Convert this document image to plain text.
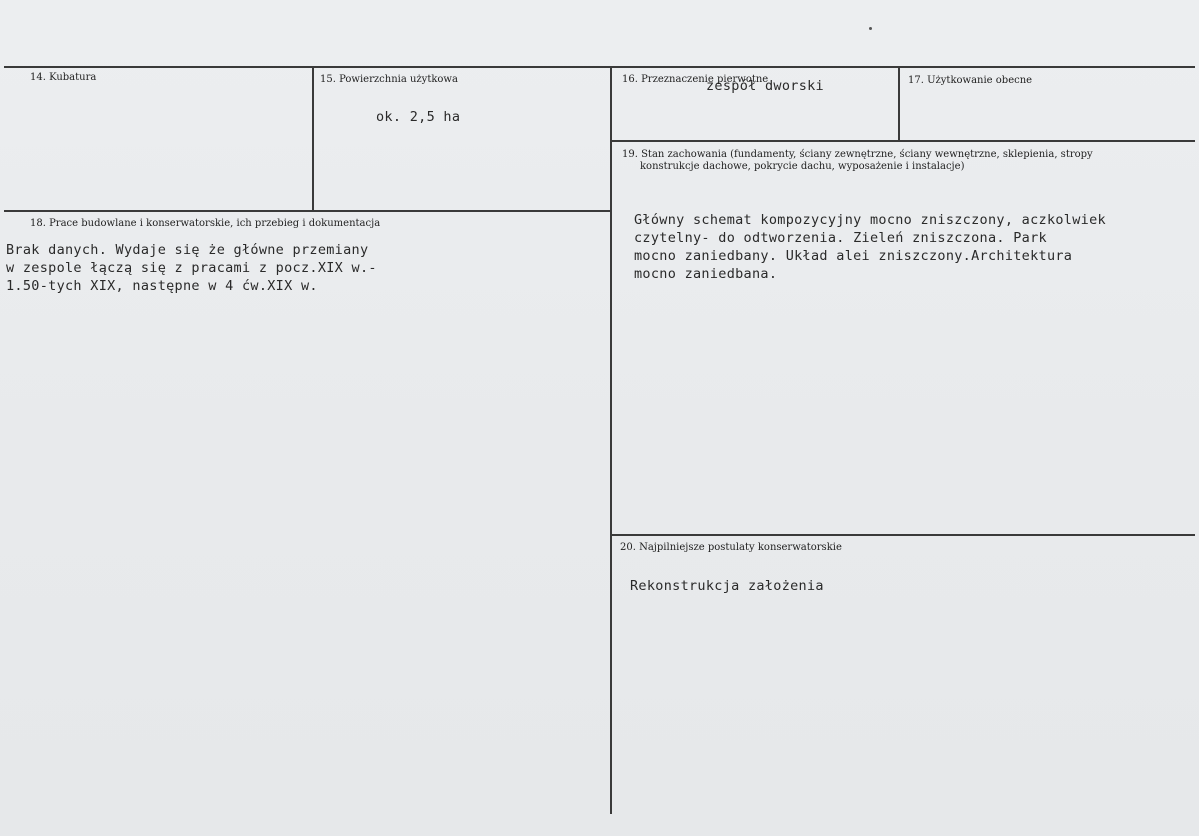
14. Kubatura	15. Powierzchnia użytkowa
ok. 2,5 ha
16. Przeznaczenie pierwotne
zespół dworski	17. Użytkowanie obecne
18. Prace budowlane i konserwatorskie, ich przebieg i dokumentacja
Brak danych. Wydaje się że główne przemiany
w zespole łączą się z pracami z pocz.XIX w.-
1.50-tych XIX, następne w 4 ćw.XIX w.
19. Stan zachowania (fundamenty, ściany zewnętrzne, ściany wewnętrzne, sklepienia, stropy
konstrukcje dachowe, pokrycie dachu, wyposażenie i instalacje)
Główny schemat kompozycyjny mocno zniszczony, aczkolwiek
czytelny- do odtworzenia. Zieleń zniszczona. Park
mocno zaniedbany. Układ alei zniszczony.Architektura
mocno zaniedbana.
20. Najpilniejsze postulaty konserwatorskie
Rekonstrukcja założenia
